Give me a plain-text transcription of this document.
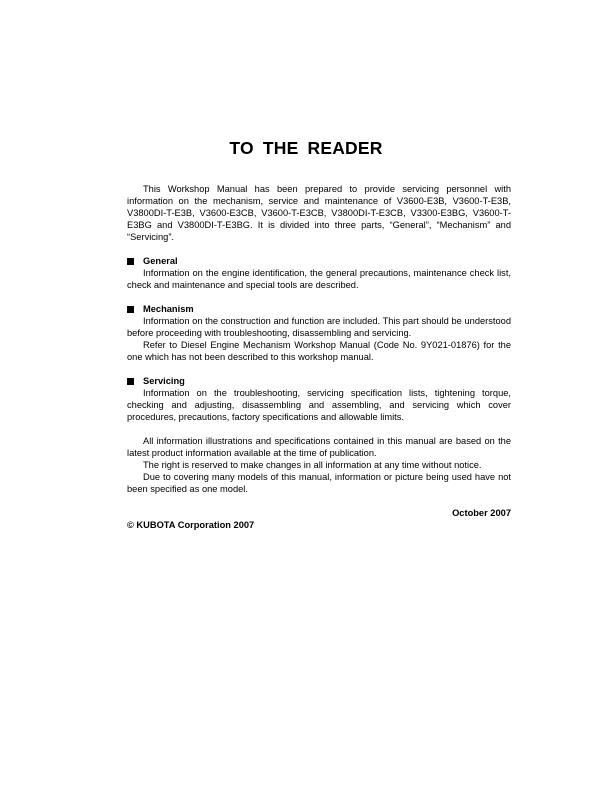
TO THE READER

This Workshop Manual has been prepared to provide servicing personnel with information on the mechanism, service and maintenance of V3600-E3B, V3600-T-E3B, V3800DI-T-E3B, V3600-E3CB, V3600-T-E3CB, V3800DI-T-E3CB, V3300-E3BG, V3600-T-E3BG and V3800DI-T-E3BG. It is divided into three parts, “General”, “Mechanism” and “Servicing”.

General

Information on the engine identification, the general precautions, maintenance check list, check and maintenance and special tools are described.

Mechanism

Information on the construction and function are included. This part should be understood before proceeding with troubleshooting, disassembling and servicing.

Refer to Diesel Engine Mechanism Workshop Manual (Code No. 9Y021-01876) for the one which has not been described to this workshop manual.

Servicing

Information on the troubleshooting, servicing specification lists, tightening torque, checking and adjusting, disassembling and assembling, and servicing which cover procedures, precautions, factory specifications and allowable limits.

All information illustrations and specifications contained in this manual are based on the latest product information available at the time of publication.

The right is reserved to make changes in all information at any time without notice.

Due to covering many models of this manual, information or picture being used have not been specified as one model.

October 2007
© KUBOTA Corporation 2007
